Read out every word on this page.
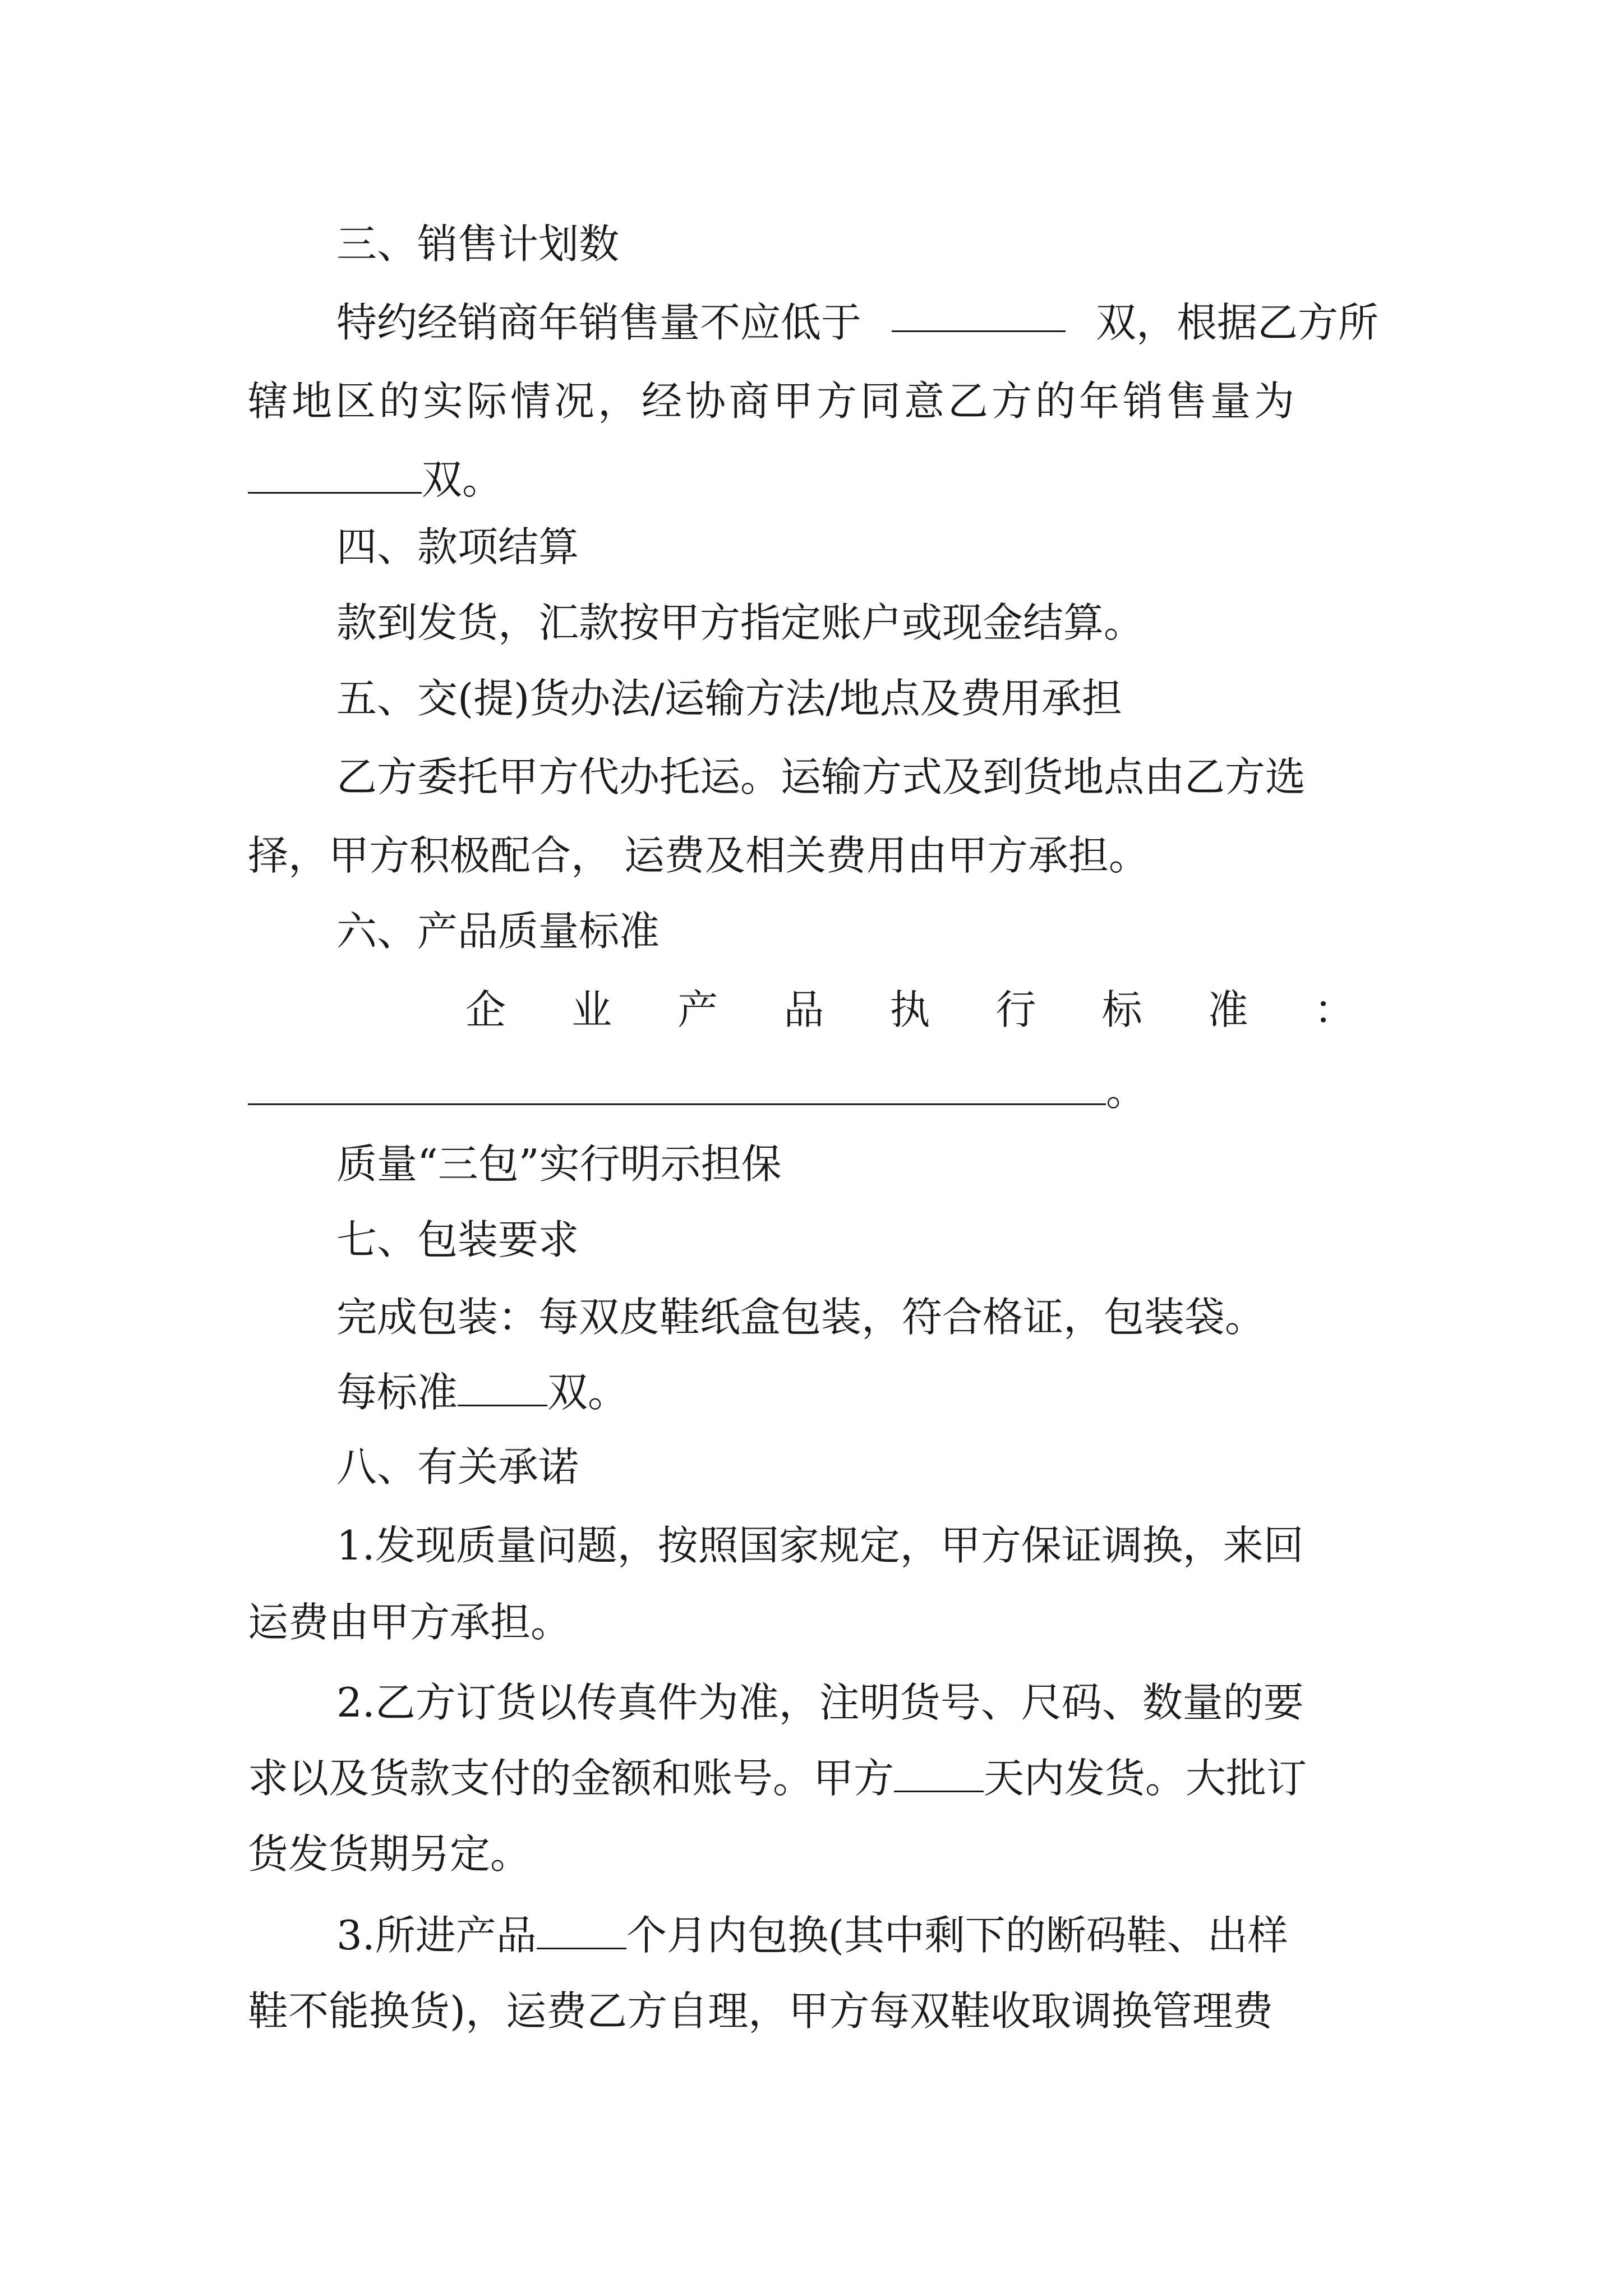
三、销售计划数
特约经销商年销售量不应低于	双，根据乙方所
辖地区的实际情况，经协商甲方同意乙方的年销售量为
双。
四、款项结算
款到发货，汇款按甲方指定账户或现金结算。
五、交(提)货办法/运输方法/地点及费用承担
乙方委托甲方代办托运。运输方式及到货地点由乙方选
择，甲方积极配合， 运费及相关费用由甲方承担。
六、产品质量标准
企 业 产 品 执 行 标 准 ：
。
质量“三包”实行明示担保
七、包装要求
完成包装：每双皮鞋纸盒包装，符合格证，包装袋。
每标准 双。
八、有关承诺
1.发现质量问题，按照国家规定，甲方保证调换，来回
运费由甲方承担。
2.乙方订货以传真件为准，注明货号、尺码、数量的要
求以及货款支付的金额和账号。甲方 天内发货。大批订
货发货期另定。
3.所进产品 个月内包换(其中剩下的断码鞋、出样
鞋不能换货)，运费乙方自理，甲方每双鞋收取调换管理费
